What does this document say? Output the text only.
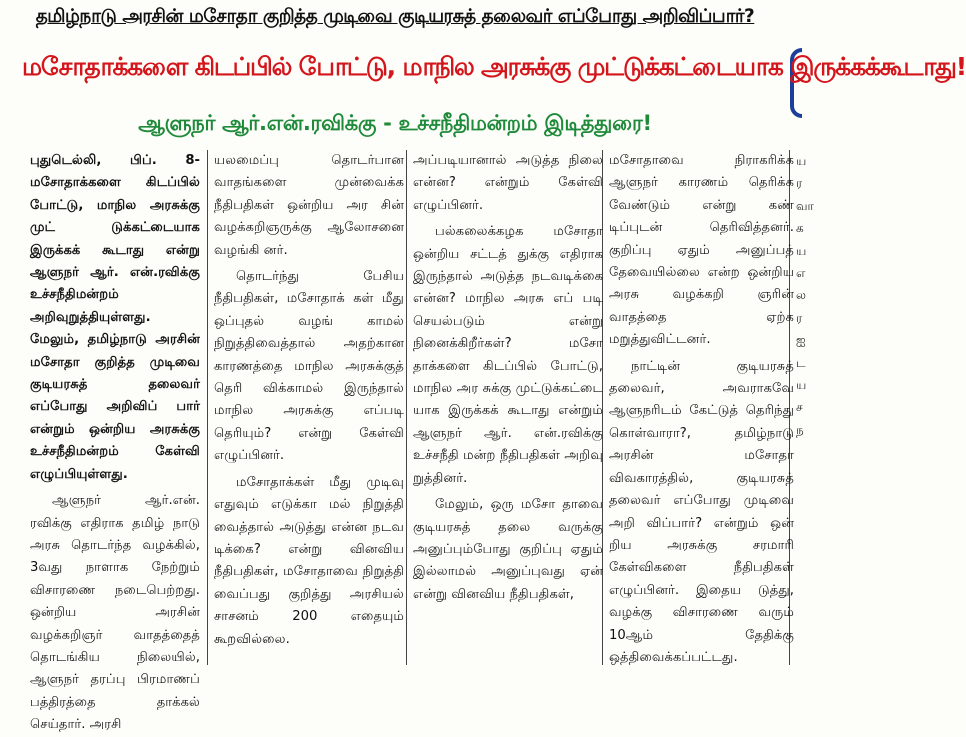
தமிழ்நாடு அரசின் மசோதா குறித்த முடிவை குடியரசுத் தலைவர் எப்போது அறிவிப்பார்?
மசோதாக்களை கிடப்பில் போட்டு, மாநில அரசுக்கு முட்டுக்கட்டையாக இருக்கக்கூடாது!
ஆளுநர் ஆர்.என்.ரவிக்கு - உச்சநீதிமன்றம் இடித்துரை!

புதுடெல்லி, பிப். 8- மசோதாக்களை கிடப்பில் போட்டு, மாநில அரசுக்கு முட் டுக்கட்டையாக இருக்கக் கூடாது என்று ஆளுநர் ஆர். என்.ரவிக்கு உச்சநீதிமன்றம் அறிவுறுத்தியுள்ளது. மேலும், தமிழ்நாடு அரசின் மசோதா குறித்த முடிவை குடியரசுத் தலைவர் எப்போது அறிவிப் பார் என்றும் ஒன்றிய அரசுக்கு உச்சநீதிமன்றம் கேள்வி எழுப்பியுள்ளது.

ஆளுநர் ஆர்.என். ரவிக்கு எதிராக தமிழ் நாடு அரசு தொடர்ந்த வழக்கில், 3வது நாளாக நேற்றும் விசாரணை நடைபெற்றது. ஒன்றிய அரசின் வழக்கறிஞர் வாதத்தைத் தொடங்கிய நிலையில், ஆளுநர் தரப்பு பிரமாணப் பத்திரத்தை தாக்கல் செய்தார். அரசி

யலமைப்பு தொடர்பான வாதங்களை முன்வைக்க நீதிபதிகள் ஒன்றிய அர சின் வழக்கறிஞருக்கு ஆலோசனை வழங்கி னர்.

தொடர்ந்து பேசிய நீதிபதிகள், மசோதாக் கள் மீது ஒப்புதல் வழங் காமல் நிறுத்திவைத்தால் அதற்கான காரணத்தை மாநில அரசுக்குத் தெரி விக்காமல் இருந்தால் மாநில அரசுக்கு எப்படி தெரியும்? என்று கேள்வி எழுப்பினர்.

மசோதாக்கள் மீது முடிவு எதுவும் எடுக்கா மல் நிறுத்தி வைத்தால் அடுத்து என்ன நடவ டிக்கை? என்று வினவிய நீதிபதிகள், மசோதாவை நிறுத்தி வைப்பது குறித்து அரசியல் சாசனம் 200 எதையும் கூறவில்லை.

அப்படியானால் அடுத்த நிலை என்ன? என்றும் கேள்வி எழுப்பினர்.

பல்கலைக்கழக மசோதா ஒன்றிய சட்டத் துக்கு எதிராக இருந்தால் அடுத்த நடவடிக்கை என்ன? மாநில அரசு எப் படி செயல்படும் என்று நினைக்கிறீர்கள்? மசோ தாக்களை கிடப்பில் போட்டு, மாநில அர சுக்கு முட்டுக்கட்டை யாக இருக்கக் கூடாது என்றும் ஆளுநர் ஆர். என்.ரவிக்கு உச்சநீதி மன்ற நீதிபதிகள் அறிவு றுத்தினர்.

மேலும், ஒரு மசோ தாவை குடியரசுத் தலை வருக்கு அனுப்பும்போது குறிப்பு ஏதும் இல்லாமல் அனுப்புவது ஏன் என்று வினவிய நீதிபதிகள்,

மசோதாவை நிராகரிக்க ஆளுநர் காரணம் தெரிக்க வேண்டும் என்று கண் டிப்புடன் தெரிவித்தனர். குறிப்பு ஏதும் அனுப்பத் தேவையில்லை என்ற ஒன்றிய அரசு வழக்கறி ஞரின் வாதத்தை ஏற்க மறுத்துவிட்டனர்.

நாட்டின் குடியரசுத் தலைவர், அவராகவே ஆளுநரிடம் கேட்டுத் தெரிந்து கொள்வாரா?, தமிழ்நாடு அரசின் மசோதா விவகாரத்தில், குடியரசுத் தலைவர் எப்போது முடிவை அறி விப்பார்? என்றும் ஒன் றிய அரசுக்கு சரமாரி கேள்விகளை நீதிபதிகள் எழுப்பினர். இதைய டுத்து, வழக்கு விசாரணை வரும் 10ஆம் தேதிக்கு ஒத்திவைக்கப்பட்டது.

ய ர வா க ய எ ல ர ஐ ட ய ச ந
